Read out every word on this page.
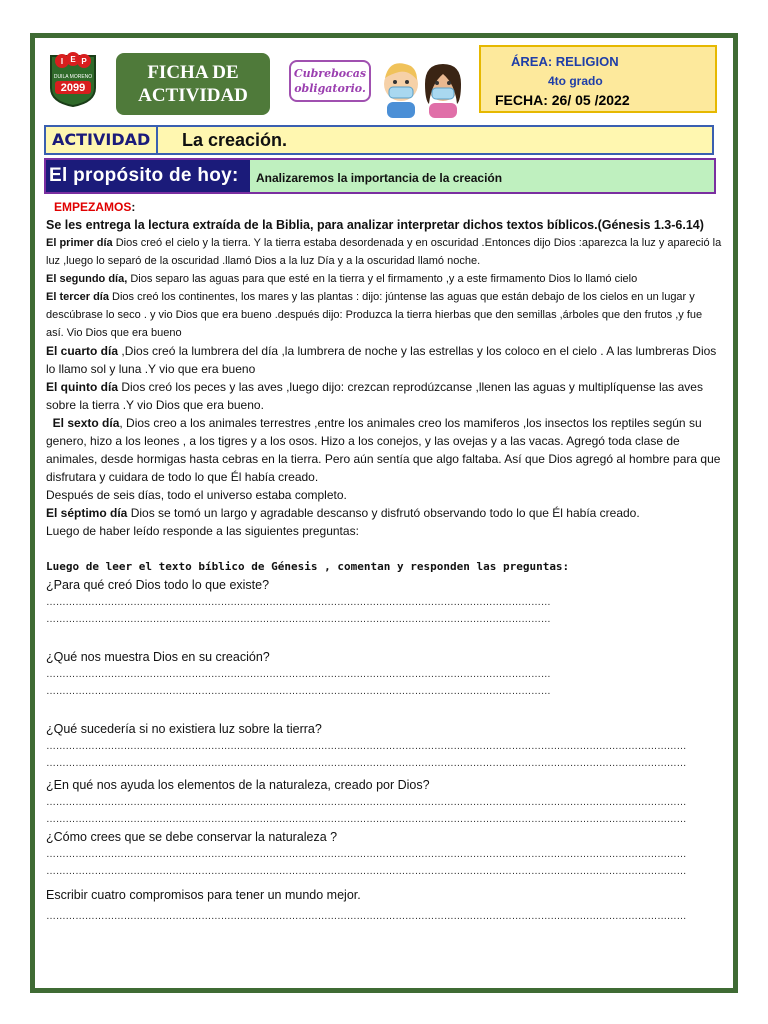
I E P
DUILA MORENO
2099
FICHA DE
ACTIVIDAD
Cubrebocas obligatorio.
ÁREA: RELIGION
4to grado
FECHA: 26/ 05 /2022
ACTIVIDAD	La creación.
El propósito de hoy:	Analizaremos la importancia de la creación

EMPEZAMOS:

Se les entrega la lectura extraída de la Biblia, para analizar interpretar dichos textos bíblicos.(Génesis 1.3-6.14)

El primer día Dios creó el cielo y la tierra. Y la tierra estaba desordenada y en oscuridad .Entonces dijo Dios :aparezca la luz y apareció la luz ,luego lo separó de la oscuridad .llamó Dios a la luz Día y a la oscuridad llamó noche.

El segundo día, Dios separo las aguas para que esté en la tierra y el firmamento ,y a este firmamento Dios lo llamó cielo

El tercer día Dios creó los continentes, los mares y las plantas : dijo: júntense las aguas que están debajo de los cielos en un lugar y descúbrase lo seco . y vio Dios que era bueno .después dijo: Produzca la tierra hierbas que den semillas ,árboles que den frutos ,y fue así. Vio Dios que era bueno

El cuarto día ,Dios creó la lumbrera del día ,la lumbrera de noche y las estrellas y los coloco en el cielo . A las lumbreras Dios lo llamo sol y luna .Y vio que era bueno

El quinto día Dios creó los peces y las aves ,luego dijo: crezcan reprodúzcanse ,llenen las aguas y multiplíquense las aves sobre la tierra .Y vio Dios que era bueno.

El sexto día, Dios creo a los animales terrestres ,entre los animales creo los mamiferos ,los insectos los reptiles según su genero, hizo a los leones , a los tigres y a los osos. Hizo a los conejos, y las ovejas y a las vacas. Agregó toda clase de animales, desde hormigas hasta cebras en la tierra. Pero aún sentía que algo faltaba. Así que Dios agregó al hombre para que disfrutara y cuidara de todo lo que Él había creado.

Después de seis días, todo el universo estaba completo.

El séptimo día Dios se tomó un largo y agradable descanso y disfrutó observando todo lo que Él había creado.

Luego de haber leído responde a las siguientes preguntas:

Luego de leer el texto bíblico de Génesis , comentan y responden las preguntas:

¿Para qué creó Dios todo lo que existe?

…………………………………………………………………………………………………………………………………………
…………………………………………………………………………………………………………………………………………

¿Qué nos muestra Dios en su creación?

…………………………………………………………………………………………………………………………………………
…………………………………………………………………………………………………………………………………………

¿Qué sucedería si no existiera luz sobre la tierra?

………………………………………………………………………………………………………………………………………………………………………………
………………………………………………………………………………………………………………………………………………………………………………

¿En qué nos ayuda los elementos de la naturaleza, creado por Dios?

………………………………………………………………………………………………………………………………………………………………………………
………………………………………………………………………………………………………………………………………………………………………………

¿Cómo crees que se debe conservar la naturaleza ?

………………………………………………………………………………………………………………………………………………………………………………
………………………………………………………………………………………………………………………………………………………………………………

Escribir cuatro compromisos para tener un mundo mejor.

………………………………………………………………………………………………………………………………………………………………………………
